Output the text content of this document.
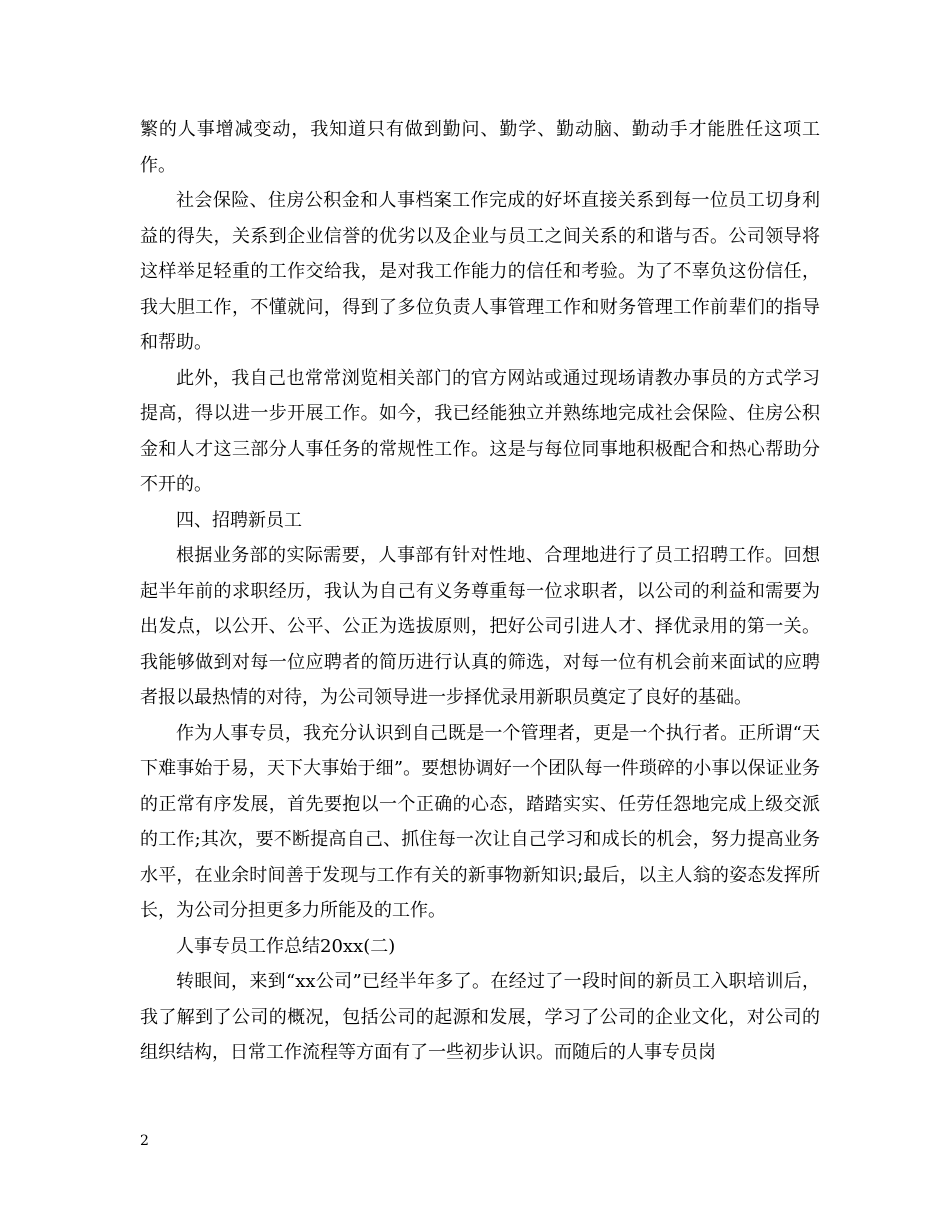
繁的人事增减变动，我知道只有做到勤问、勤学、勤动脑、勤动手才能胜任这项工作。

社会保险、住房公积金和人事档案工作完成的好坏直接关系到每一位员工切身利益的得失，关系到企业信誉的优劣以及企业与员工之间关系的和谐与否。公司领导将这样举足轻重的工作交给我，是对我工作能力的信任和考验。为了不辜负这份信任，我大胆工作，不懂就问，得到了多位负责人事管理工作和财务管理工作前辈们的指导和帮助。

此外，我自己也常常浏览相关部门的官方网站或通过现场请教办事员的方式学习提高，得以进一步开展工作。如今，我已经能独立并熟练地完成社会保险、住房公积金和人才这三部分人事任务的常规性工作。这是与每位同事地积极配合和热心帮助分不开的。

四、招聘新员工

根据业务部的实际需要，人事部有针对性地、合理地进行了员工招聘工作。回想起半年前的求职经历，我认为自己有义务尊重每一位求职者，以公司的利益和需要为出发点，以公开、公平、公正为选拔原则，把好公司引进人才、择优录用的第一关。我能够做到对每一位应聘者的简历进行认真的筛选，对每一位有机会前来面试的应聘者报以最热情的对待，为公司领导进一步择优录用新职员奠定了良好的基础。

作为人事专员，我充分认识到自己既是一个管理者，更是一个执行者。正所谓“天下难事始于易，天下大事始于细”。要想协调好一个团队每一件琐碎的小事以保证业务的正常有序发展，首先要抱以一个正确的心态，踏踏实实、任劳任怨地完成上级交派的工作;其次，要不断提高自己、抓住每一次让自己学习和成长的机会，努力提高业务水平，在业余时间善于发现与工作有关的新事物新知识;最后，以主人翁的姿态发挥所长，为公司分担更多力所能及的工作。

人事专员工作总结20xx(二)

转眼间，来到“xx公司”已经半年多了。在经过了一段时间的新员工入职培训后，我了解到了公司的概况，包括公司的起源和发展，学习了公司的企业文化，对公司的组织结构，日常工作流程等方面有了一些初步认识。而随后的人事专员岗

2
